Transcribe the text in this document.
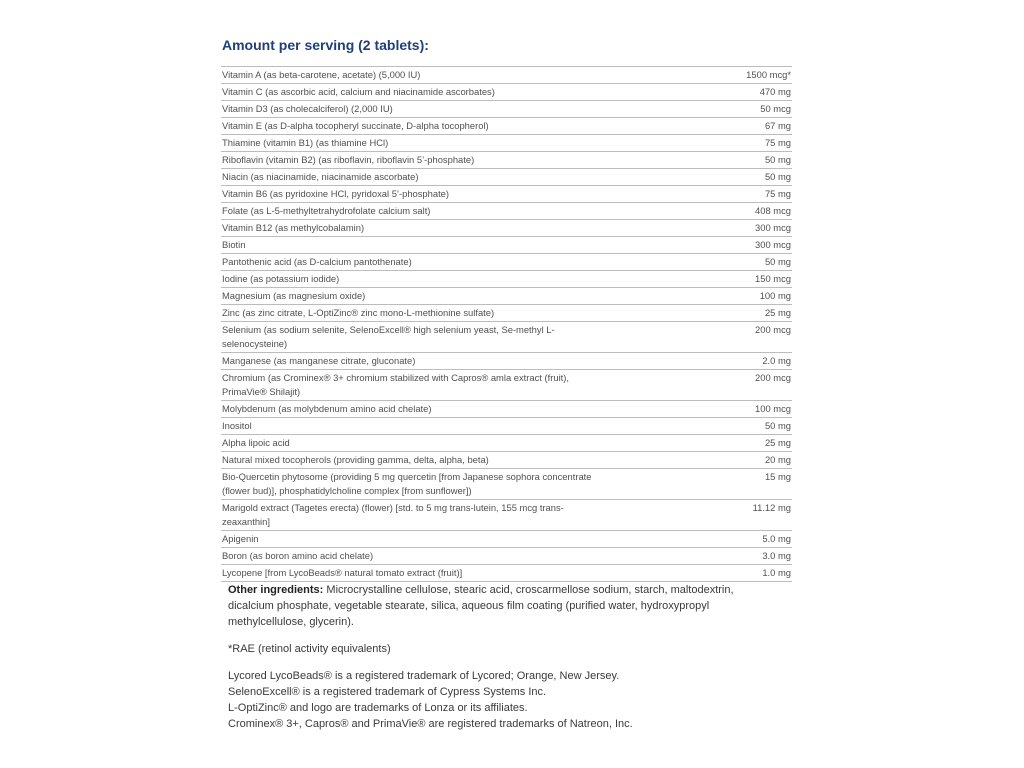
Amount per serving (2 tablets):
Vitamin A (as beta-carotene, acetate) (5,000 IU)	1500 mcg*

Vitamin C (as ascorbic acid, calcium and niacinamide ascorbates)	470 mg

Vitamin D3 (as cholecalciferol) (2,000 IU)	50 mcg

Vitamin E (as D-alpha tocopheryl succinate, D-alpha tocopherol)	67 mg

Thiamine (vitamin B1) (as thiamine HCl)	75 mg

Riboflavin (vitamin B2) (as riboflavin, riboflavin 5’-phosphate)	50 mg

Niacin (as niacinamide, niacinamide ascorbate)	50 mg

Vitamin B6 (as pyridoxine HCl, pyridoxal 5’-phosphate)	75 mg

Folate (as L-5-methyltetrahydrofolate calcium salt)	408 mcg

Vitamin B12 (as methylcobalamin)	300 mcg

Biotin	300 mcg

Pantothenic acid (as D-calcium pantothenate)	50 mg

Iodine (as potassium iodide)	150 mcg

Magnesium (as magnesium oxide)	100 mg

Zinc (as zinc citrate, L-OptiZinc® zinc mono-L-methionine sulfate)	25 mg

Selenium (as sodium selenite, SelenoExcell® high selenium yeast, Se-methyl L-selenocysteine)	200 mcg

Manganese (as manganese citrate, gluconate)	2.0 mg

Chromium (as Crominex® 3+ chromium stabilized with Capros® amla extract (fruit), PrimaVie® Shilajit)	200 mcg

Molybdenum (as molybdenum amino acid chelate)	100 mcg

Inositol	50 mg

Alpha lipoic acid	25 mg

Natural mixed tocopherols (providing gamma, delta, alpha, beta)	20 mg

Bio-Quercetin phytosome (providing 5 mg quercetin [from Japanese sophora concentrate (flower bud)], phosphatidylcholine complex [from sunflower])	15 mg

Marigold extract (Tagetes erecta) (flower) [std. to 5 mg trans-lutein, 155 mcg trans-zeaxanthin]	11.12 mg

Apigenin	5.0 mg

Boron (as boron amino acid chelate)	3.0 mg

Lycopene [from LycoBeads® natural tomato extract (fruit)]	1.0 mg

Other ingredients: Microcrystalline cellulose, stearic acid, croscarmellose sodium, starch, maltodextrin, dicalcium phosphate, vegetable stearate, silica, aqueous film coating (purified water, hydroxypropyl methylcellulose, glycerin).

*RAE (retinol activity equivalents)

Lycored LycoBeads® is a registered trademark of Lycored; Orange, New Jersey.
SelenoExcell® is a registered trademark of Cypress Systems Inc.
L-OptiZinc® and logo are trademarks of Lonza or its affiliates.
Crominex® 3+, Capros® and PrimaVie® are registered trademarks of Natreon, Inc.
